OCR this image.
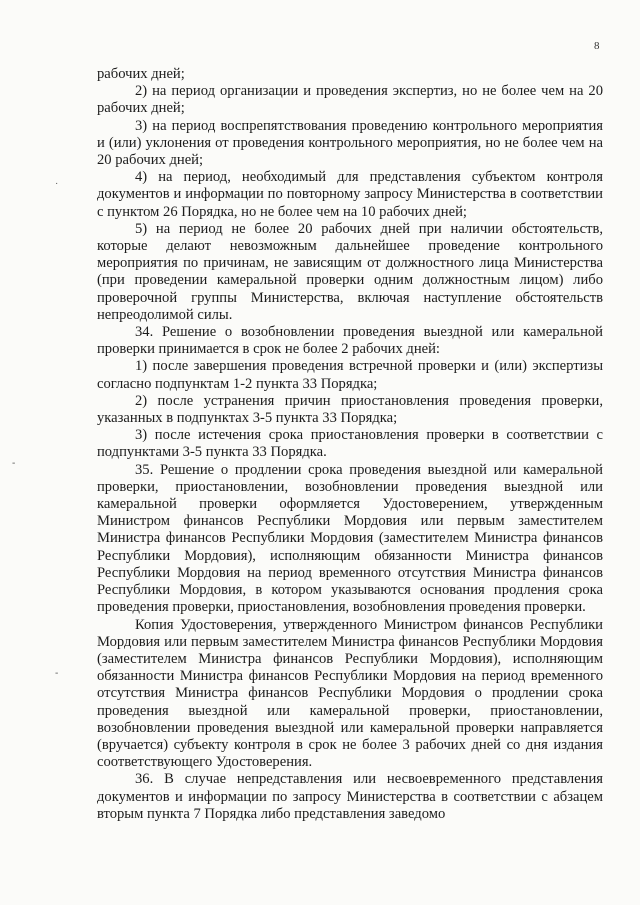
8
·
-
-

рабочих дней;

2) на период организации и проведения экспертиз, но не более чем на 20 рабочих дней;

3) на период воспрепятствования проведению контрольного мероприятия и (или) уклонения от проведения контрольного мероприятия, но не более чем на 20 рабочих дней;

4) на период, необходимый для представления субъектом контроля документов и информации по повторному запросу Министерства в соответствии с пунктом 26 Порядка, но не более чем на 10 рабочих дней;

5) на период не более 20 рабочих дней при наличии обстоятельств, которые делают невозможным дальнейшее проведение контрольного мероприятия по причинам, не зависящим от должностного лица Министерства (при проведении камеральной проверки одним должностным лицом) либо проверочной группы Министерства, включая наступление обстоятельств непреодолимой силы.

34. Решение о возобновлении проведения выездной или камеральной проверки принимается в срок не более 2 рабочих дней:

1) после завершения проведения встречной проверки и (или) экспертизы согласно подпунктам 1-2 пункта 33 Порядка;

2) после устранения причин приостановления проведения проверки, указанных в подпунктах 3-5 пункта 33 Порядка;

3) после истечения срока приостановления проверки в соответствии с подпунктами 3-5 пункта 33 Порядка.

35. Решение о продлении срока проведения выездной или камеральной проверки, приостановлении, возобновлении проведения выездной или камеральной проверки оформляется Удостоверением, утвержденным Министром финансов Республики Мордовия или первым заместителем Министра финансов Республики Мордовия (заместителем Министра финансов Республики Мордовия), исполняющим обязанности Министра финансов Республики Мордовия на период временного отсутствия Министра финансов Республики Мордовия, в котором указываются основания продления срока проведения проверки, приостановления, возобновления проведения проверки.

Копия Удостоверения, утвержденного Министром финансов Республики Мордовия или первым заместителем Министра финансов Республики Мордовия (заместителем Министра финансов Республики Мордовия), исполняющим обязанности Министра финансов Республики Мордовия на период временного отсутствия Министра финансов Республики Мордовия о продлении срока проведения выездной или камеральной проверки, приостановлении, возобновлении проведения выездной или камеральной проверки направляется (вручается) субъекту контроля в срок не более 3 рабочих дней со дня издания соответствующего Удостоверения.

36. В случае непредставления или несвоевременного представления документов и информации по запросу Министерства в соответствии с абзацем вторым пункта 7 Порядка либо представления заведомо
